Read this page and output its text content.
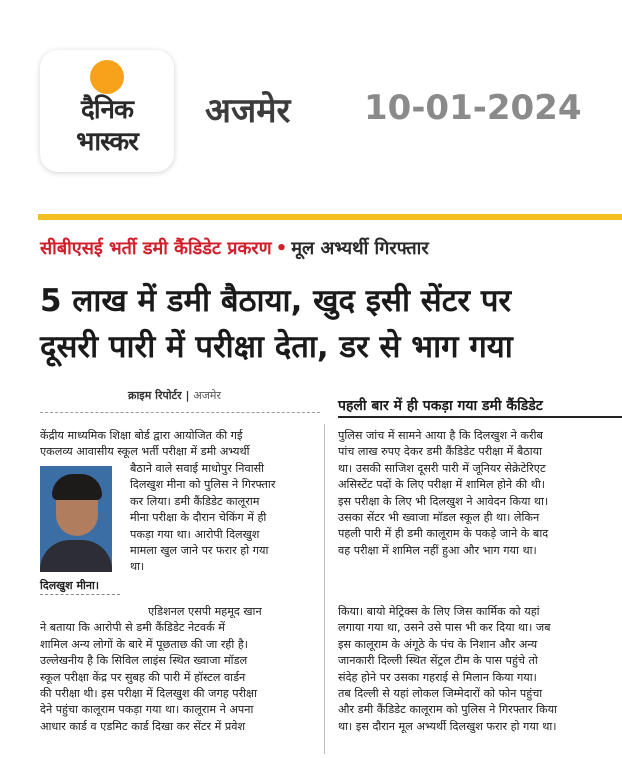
दैनिक
भास्कर
अजमेर 10-01-2024
सीबीएसई भर्ती डमी कैंडिडेट प्रकरण • मूल अभ्यर्थी गिरफ्तार
5 लाख में डमी बैठाया, खुद इसी सेंटर पर
दूसरी पारी में परीक्षा देता, डर से भाग गया
क्राइम रिपोर्टर | अजमेर
पहली बार में ही पकड़ा गया डमी कैंडिडेट
केंद्रीय माध्यमिक शिक्षा बोर्ड द्वारा आयोजित की गई
एकलव्य आवासीय स्कूल भर्ती परीक्षा में डमी अभ्यर्थी
बैठाने वाले सवाई माधोपुर निवासी
दिलखुश मीना को पुलिस ने गिरफ्तार
कर लिया। डमी कैंडिडेट कालूराम
मीना परीक्षा के दौरान चेकिंग में ही
पकड़ा गया था। आरोपी दिलखुश
मामला खुल जाने पर फरार हो गया
था।
दिलखुश मीना।
एडिशनल एसपी महमूद खान
ने बताया कि आरोपी से डमी कैंडिडेट नेटवर्क में
शामिल अन्य लोगों के बारे में पूछताछ की जा रही है।
उल्लेखनीय है कि सिविल लाइंस स्थित ख्वाजा मॉडल
स्कूल परीक्षा केंद्र पर सुबह की पारी में हॉस्टल वार्डन
की परीक्षा थी। इस परीक्षा में दिलखुश की जगह परीक्षा
देने पहुंचा कालूराम पकड़ा गया था। कालूराम ने अपना
आधार कार्ड व एडमिट कार्ड दिखा कर सेंटर में प्रवेश
पुलिस जांच में सामने आया है कि दिलखुश ने करीब
पांच लाख रुपए देकर डमी कैंडिडेट परीक्षा में बैठाया
था। उसकी साजिश दूसरी पारी में जूनियर सेक्रेटेरिएट
असिस्टेंट पदों के लिए परीक्षा में शामिल होने की थी।
इस परीक्षा के लिए भी दिलखुश ने आवेदन किया था।
उसका सेंटर भी ख्वाजा मॉडल स्कूल ही था। लेकिन
पहली पारी में ही डमी कालूराम के पकड़े जाने के बाद
वह परीक्षा में शामिल नहीं हुआ और भाग गया था।
किया। बायो मेट्रिक्स के लिए जिस कार्मिक को यहां
लगाया गया था, उसने उसे पास भी कर दिया था। जब
इस कालूराम के अंगूठे के पंच के निशान और अन्य
जानकारी दिल्ली स्थित सेंट्रल टीम के पास पहुंचे तो
संदेह होने पर उसका गहराई से मिलान किया गया।
तब दिल्ली से यहां लोकल जिम्मेदारों को फोन पहुंचा
और डमी कैंडिडेट कालूराम को पुलिस ने गिरफ्तार किया
था। इस दौरान मूल अभ्यर्थी दिलखुश फरार हो गया था।
